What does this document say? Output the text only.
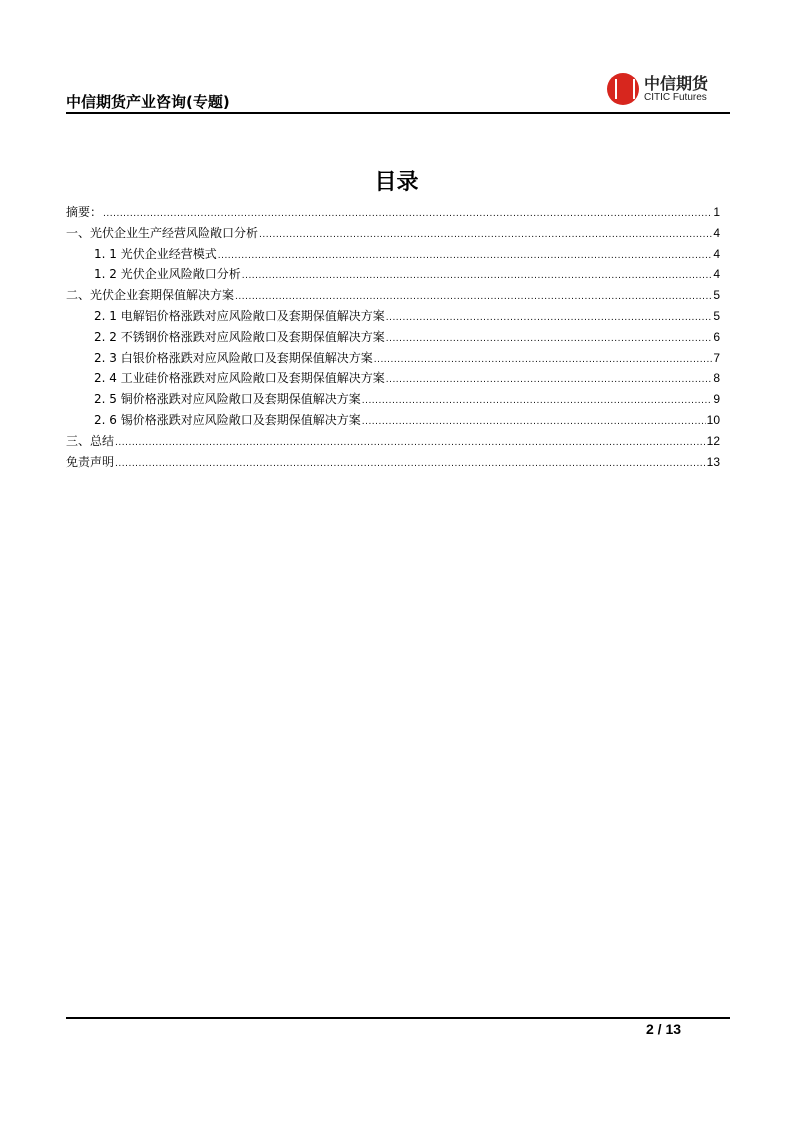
中信期货产业咨询(专题)
中信期货
CITIC Futures
目录
摘要： .....	1
一、光伏企业生产经营风险敞口分析 .....	4
1. 1 光伏企业经营模式 .....	4
1. 2 光伏企业风险敞口分析 .....	4
二、光伏企业套期保值解决方案 .....	5
2. 1 电解铝价格涨跌对应风险敞口及套期保值解决方案 .....	5
2. 2 不锈钢价格涨跌对应风险敞口及套期保值解决方案 .....	6
2. 3 白银价格涨跌对应风险敞口及套期保值解决方案 .....	7
2. 4 工业硅价格涨跌对应风险敞口及套期保值解决方案 .....	8
2. 5 铜价格涨跌对应风险敞口及套期保值解决方案 .....	9
2. 6 锡价格涨跌对应风险敞口及套期保值解决方案 .....	10
三、总结 .....	12
免责声明 .....	13
2 / 13
